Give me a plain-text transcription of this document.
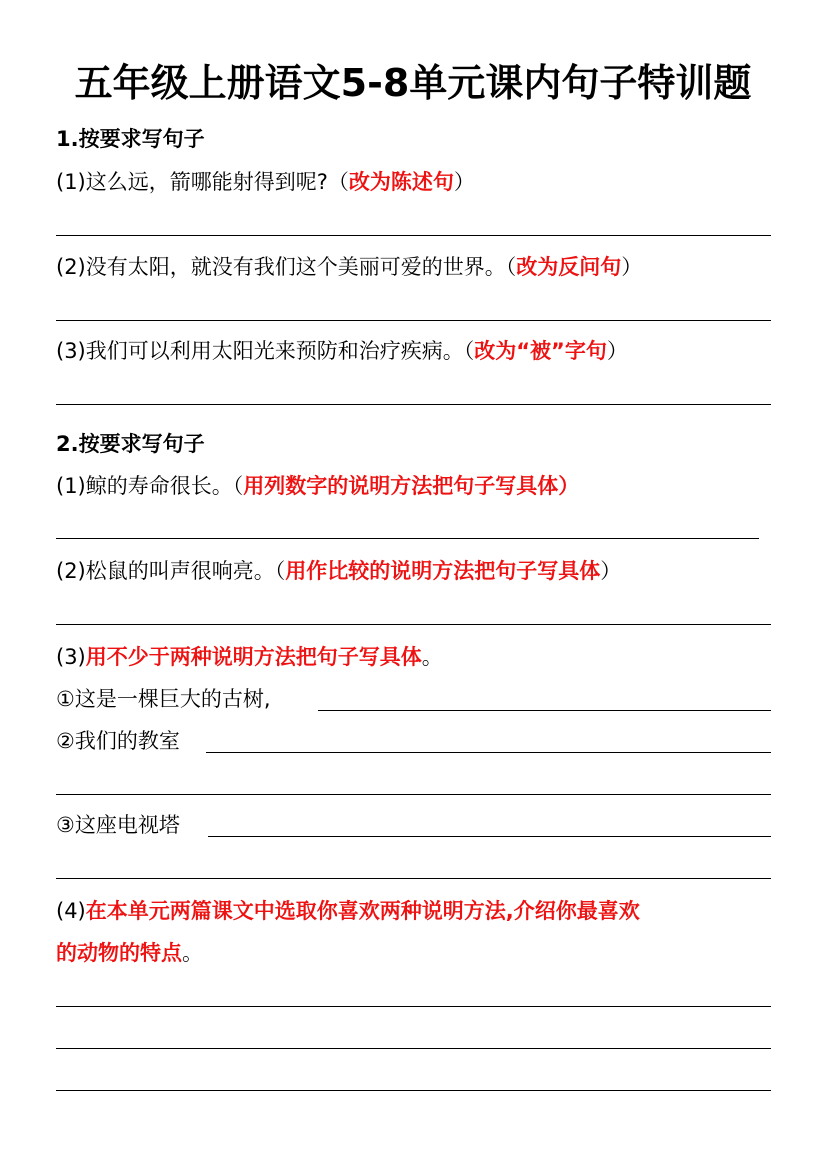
五年级上册语文5-8单元课内句子特训题
1.按要求写句子
(1)这么远，箭哪能射得到呢?（改为陈述句）
(2)没有太阳，就没有我们这个美丽可爱的世界。（改为反问句）
(3)我们可以利用太阳光来预防和治疗疾病。（改为“被”字句）
2.按要求写句子
(1)鲸的寿命很长。（用列数字的说明方法把句子写具体）
(2)松鼠的叫声很响亮。（用作比较的说明方法把句子写具体）
(3)用不少于两种说明方法把句子写具体。
①这是一棵巨大的古树,
②我们的教室
③这座电视塔
(4)在本单元两篇课文中选取你喜欢两种说明方法,介绍你最喜欢
的动物的特点。
